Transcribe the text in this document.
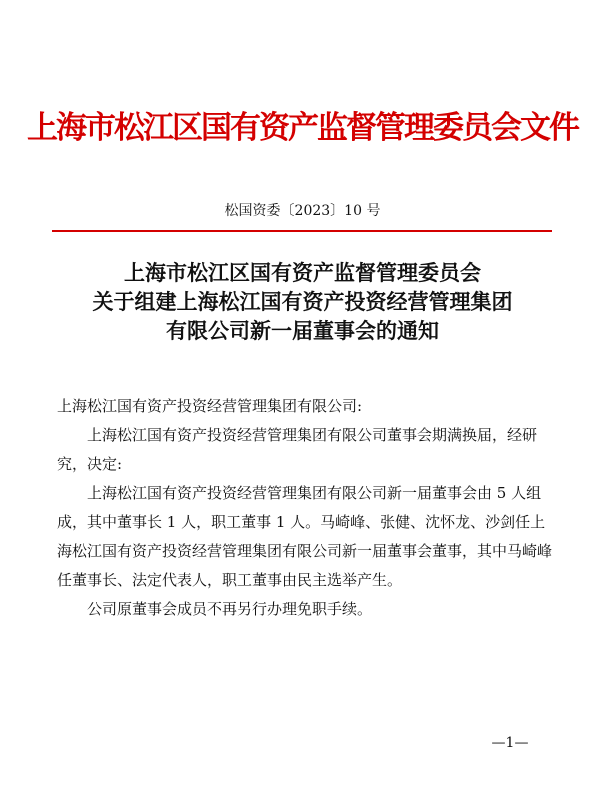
上海市松江区国有资产监督管理委员会文件
松国资委〔2023〕10 号
上海市松江区国有资产监督管理委员会
关于组建上海松江国有资产投资经营管理集团
有限公司新一届董事会的通知

上海松江国有资产投资经营管理集团有限公司:

上海松江国有资产投资经营管理集团有限公司董事会期满换届，经研究，决定:

上海松江国有资产投资经营管理集团有限公司新一届董事会由 5 人组成，其中董事长 1 人，职工董事 1 人。马崎峰、张健、沈怀龙、沙剑任上海松江国有资产投资经营管理集团有限公司新一届董事会董事，其中马崎峰任董事长、法定代表人，职工董事由民主选举产生。

公司原董事会成员不再另行办理免职手续。

—1—
